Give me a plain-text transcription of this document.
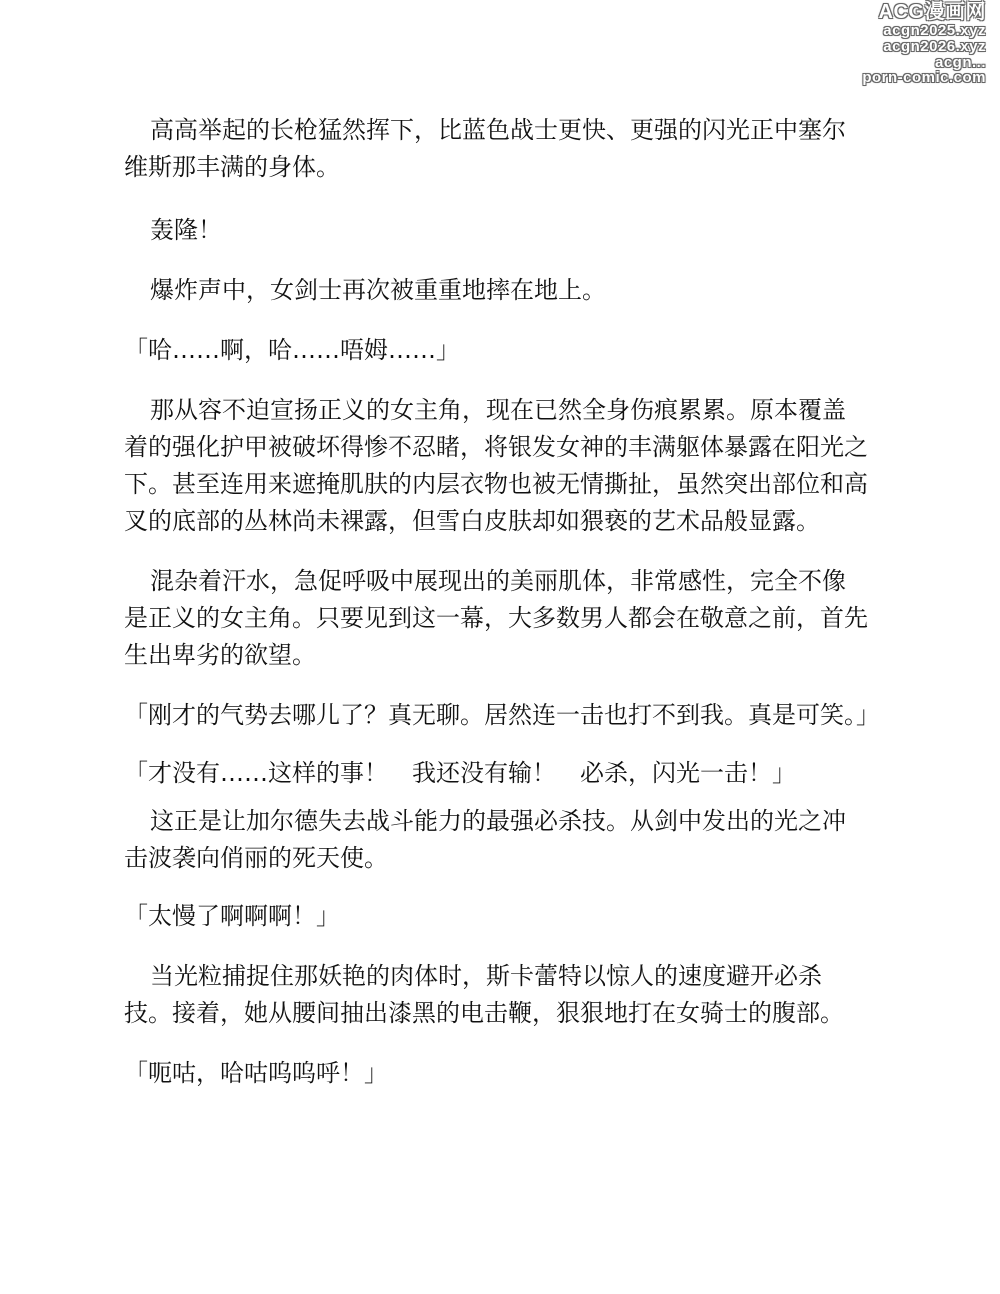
ACG漫画网
acgn2025.xyz
acgn2026.xyz
acgn...
porn-comic.com

高高举起的长枪猛然挥下，比蓝色战士更快、更强的闪光正中塞尔维斯那丰满的身体。

轰隆！

爆炸声中，女剑士再次被重重地摔在地上。

「哈……啊，哈……唔姆……」

那从容不迫宣扬正义的女主角，现在已然全身伤痕累累。原本覆盖着的强化护甲被破坏得惨不忍睹，将银发女神的丰满躯体暴露在阳光之下。甚至连用来遮掩肌肤的内层衣物也被无情撕扯，虽然突出部位和高叉的底部的丛林尚未裸露，但雪白皮肤却如猥亵的艺术品般显露。

混杂着汗水，急促呼吸中展现出的美丽肌体，非常感性，完全不像是正义的女主角。只要见到这一幕，大多数男人都会在敬意之前，首先生出卑劣的欲望。

「刚才的气势去哪儿了？真无聊。居然连一击也打不到我。真是可笑。」

「才没有……这样的事！　我还没有输！　必杀，闪光一击！」

这正是让加尔德失去战斗能力的最强必杀技。从剑中发出的光之冲击波袭向俏丽的死天使。

「太慢了啊啊啊！」

当光粒捕捉住那妖艳的肉体时，斯卡蕾特以惊人的速度避开必杀技。接着，她从腰间抽出漆黑的电击鞭，狠狠地打在女骑士的腹部。

「呃咕，哈咕呜呜呼！」
